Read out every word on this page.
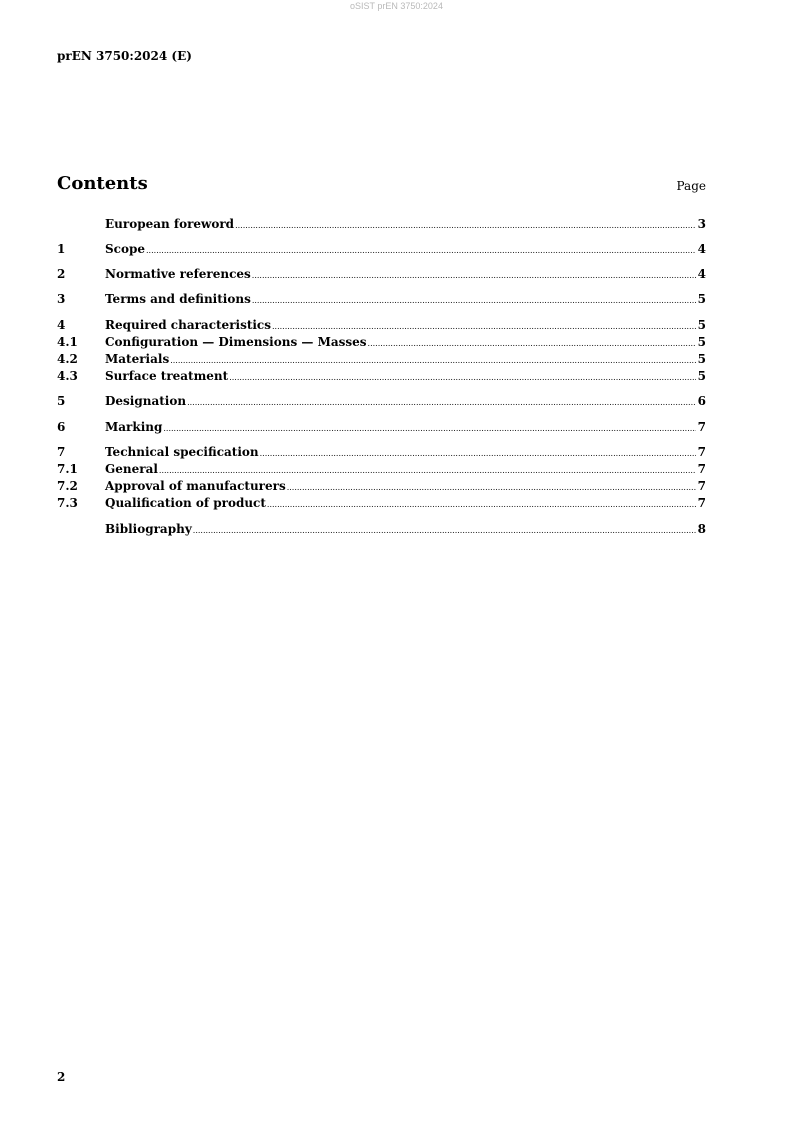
oSIST prEN 3750:2024
prEN 3750:2024 (E)
Contents	Page
European foreword .....	3
1	Scope .....	4
2	Normative references .....	4
3	Terms and definitions .....	5
4	Required characteristics .....	5
4.1	Configuration — Dimensions — Masses .....	5
4.2	Materials .....	5
4.3	Surface treatment .....	5
5	Designation .....	6
6	Marking .....	7
7	Technical specification .....	7
7.1	General .....	7
7.2	Approval of manufacturers .....	7
7.3	Qualification of product .....	7
Bibliography .....	8
2
